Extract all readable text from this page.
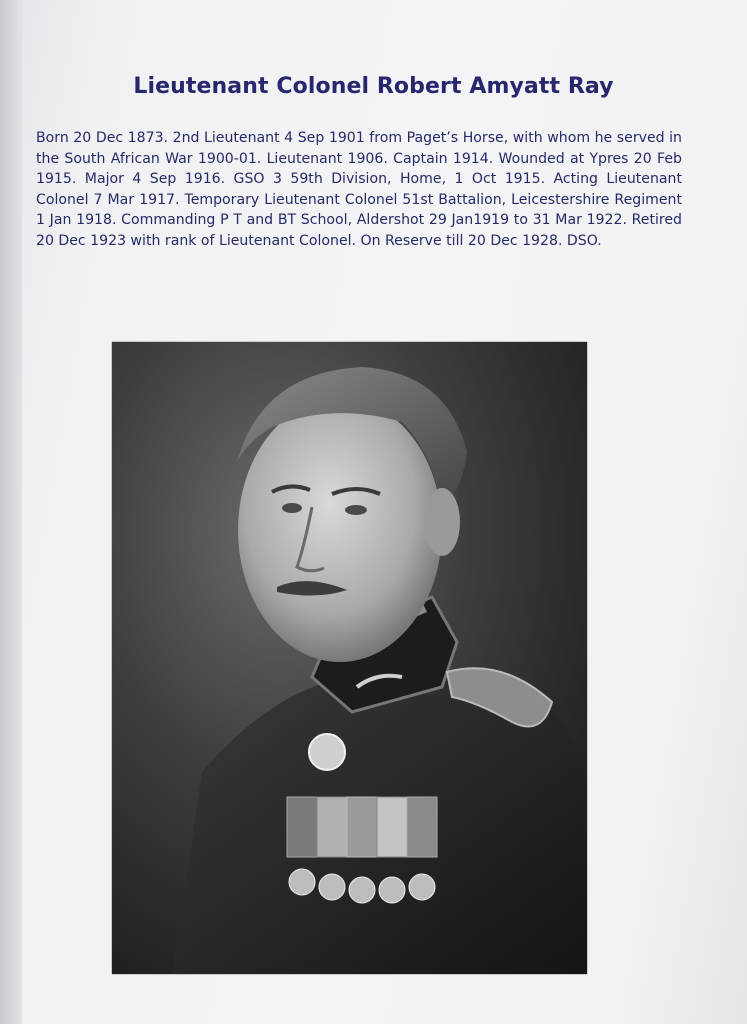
Lieutenant Colonel Robert Amyatt Ray

Born 20 Dec 1873. 2nd Lieutenant 4 Sep 1901 from Paget’s Horse, with whom he served in the South African War 1900-01. Lieutenant 1906. Captain 1914. Wounded at Ypres 20 Feb 1915. Major 4 Sep 1916. GSO 3 59th Division, Home, 1 Oct 1915. Acting Lieutenant Colonel 7 Mar 1917. Temporary Lieutenant Colonel 51st Battalion, Leicestershire Regiment 1 Jan 1918. Commanding P T and BT School, Aldershot 29 Jan1919 to 31 Mar 1922. Retired 20 Dec 1923 with rank of Lieutenant Colonel. On Reserve till 20 Dec 1928. DSO.
